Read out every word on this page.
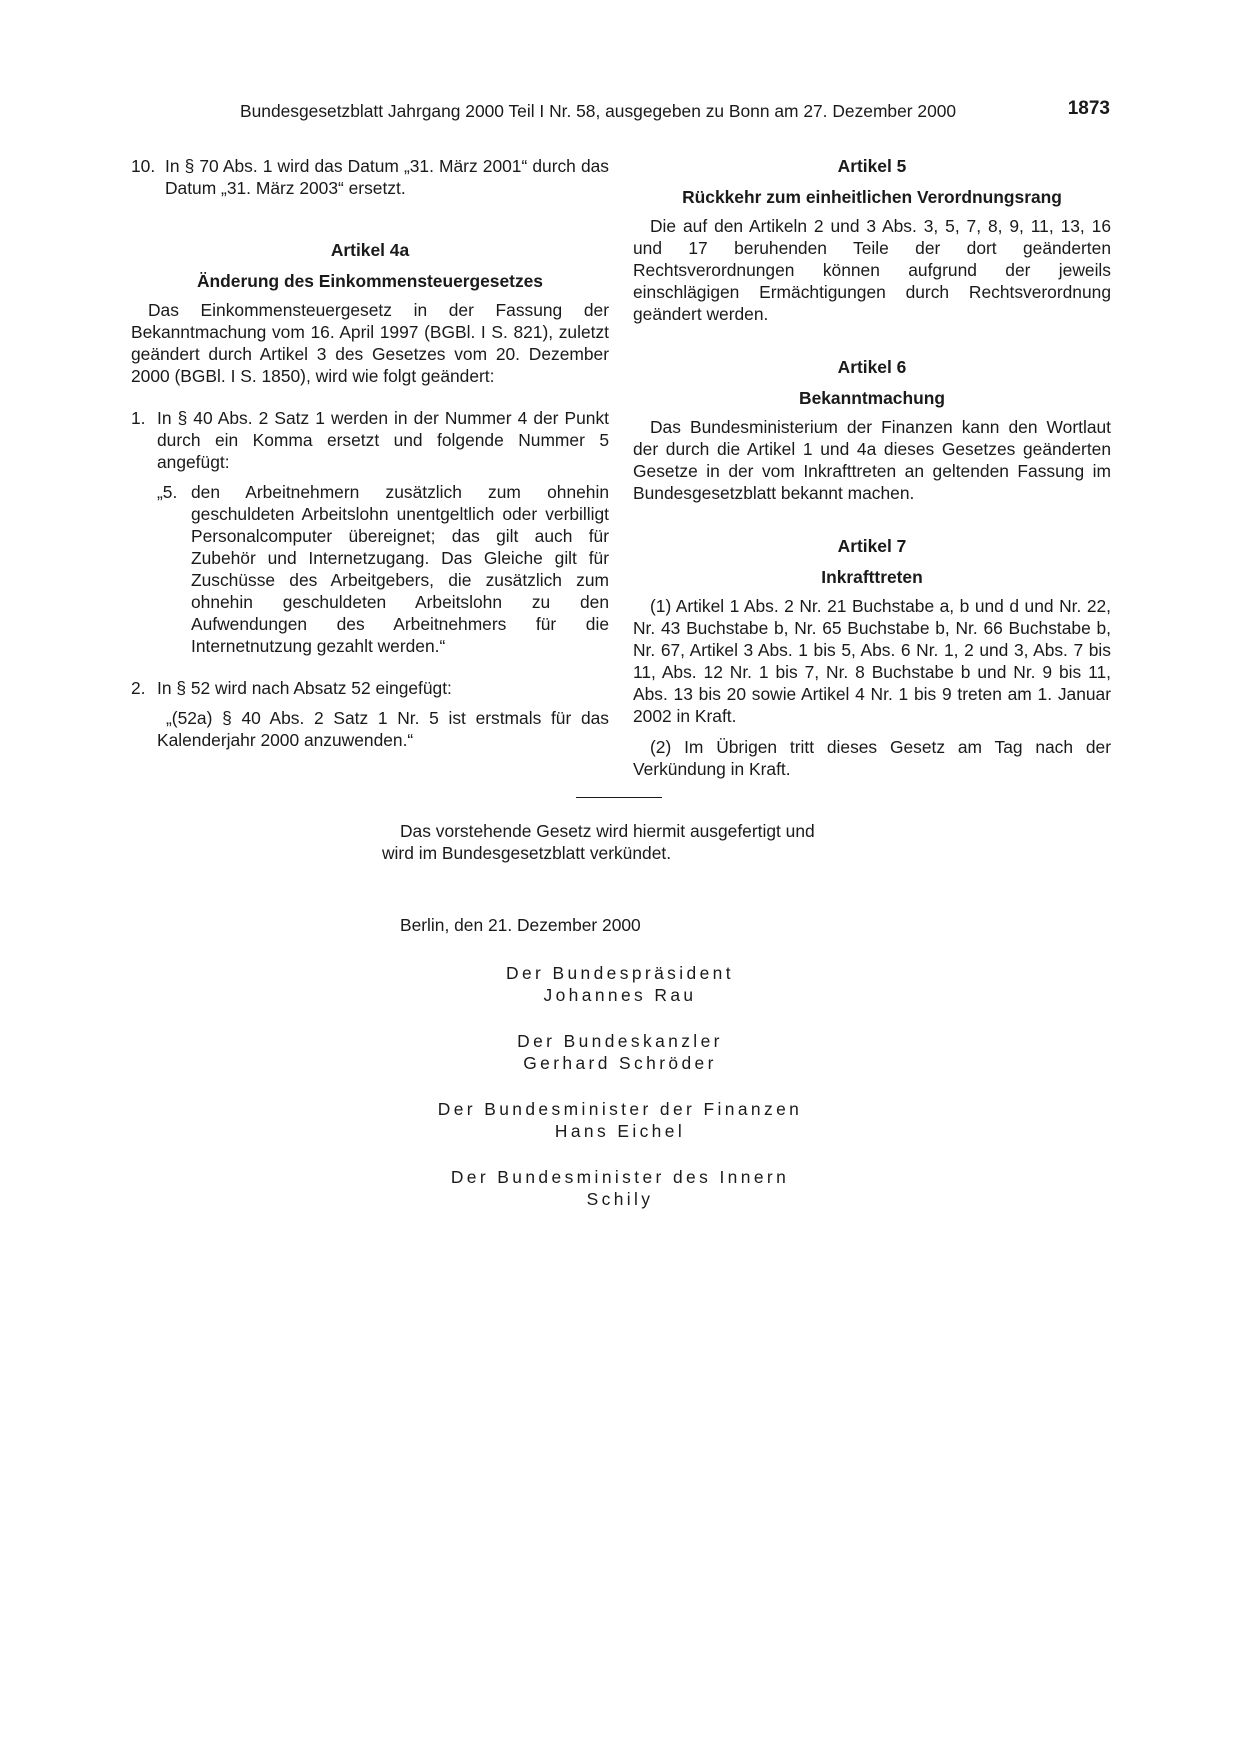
Bundesgesetzblatt Jahrgang 2000 Teil I Nr. 58, ausgegeben zu Bonn am 27. Dezember 2000	1873
10. In § 70 Abs. 1 wird das Datum „31. März 2001“ durch das Datum „31. März 2003“ ersetzt.

Artikel 4a

Änderung des Einkommensteuergesetzes

Das Einkommensteuergesetz in der Fassung der Bekanntmachung vom 16. April 1997 (BGBl. I S. 821), zuletzt geändert durch Artikel 3 des Gesetzes vom 20. Dezember 2000 (BGBl. I S. 1850), wird wie folgt geändert:

1. In § 40 Abs. 2 Satz 1 werden in der Nummer 4 der Punkt durch ein Komma ersetzt und folgende Nummer 5 angefügt:
„5. den Arbeitnehmern zusätzlich zum ohnehin geschuldeten Arbeitslohn unentgeltlich oder verbilligt Personalcomputer übereignet; das gilt auch für Zubehör und Internetzugang. Das Gleiche gilt für Zuschüsse des Arbeitgebers, die zusätzlich zum ohnehin geschuldeten Arbeitslohn zu den Aufwendungen des Arbeitnehmers für die Internetnutzung gezahlt werden.“
2. In § 52 wird nach Absatz 52 eingefügt:

„(52a) § 40 Abs. 2 Satz 1 Nr. 5 ist erstmals für das Kalenderjahr 2000 anzuwenden.“

Artikel 5

Rückkehr zum einheitlichen Verordnungsrang

Die auf den Artikeln 2 und 3 Abs. 3, 5, 7, 8, 9, 11, 13, 16 und 17 beruhenden Teile der dort geänderten Rechtsverordnungen können aufgrund der jeweils einschlägigen Ermächtigungen durch Rechtsverordnung geändert werden.

Artikel 6

Bekanntmachung

Das Bundesministerium der Finanzen kann den Wortlaut der durch die Artikel 1 und 4a dieses Gesetzes geänderten Gesetze in der vom Inkrafttreten an geltenden Fassung im Bundesgesetzblatt bekannt machen.

Artikel 7

Inkrafttreten

(1) Artikel 1 Abs. 2 Nr. 21 Buchstabe a, b und d und Nr. 22, Nr. 43 Buchstabe b, Nr. 65 Buchstabe b, Nr. 66 Buchstabe b, Nr. 67, Artikel 3 Abs. 1 bis 5, Abs. 6 Nr. 1, 2 und 3, Abs. 7 bis 11, Abs. 12 Nr. 1 bis 7, Nr. 8 Buchstabe b und Nr. 9 bis 11, Abs. 13 bis 20 sowie Artikel 4 Nr. 1 bis 9 treten am 1. Januar 2002 in Kraft.

(2) Im Übrigen tritt dieses Gesetz am Tag nach der Verkündung in Kraft.

Das vorstehende Gesetz wird hiermit ausgefertigt und
wird im Bundesgesetzblatt verkündet.
Berlin, den 21. Dezember 2000
Der Bundespräsident
Johannes Rau
Der Bundeskanzler
Gerhard Schröder
Der Bundesminister der Finanzen
Hans Eichel
Der Bundesminister des Innern
Schily
